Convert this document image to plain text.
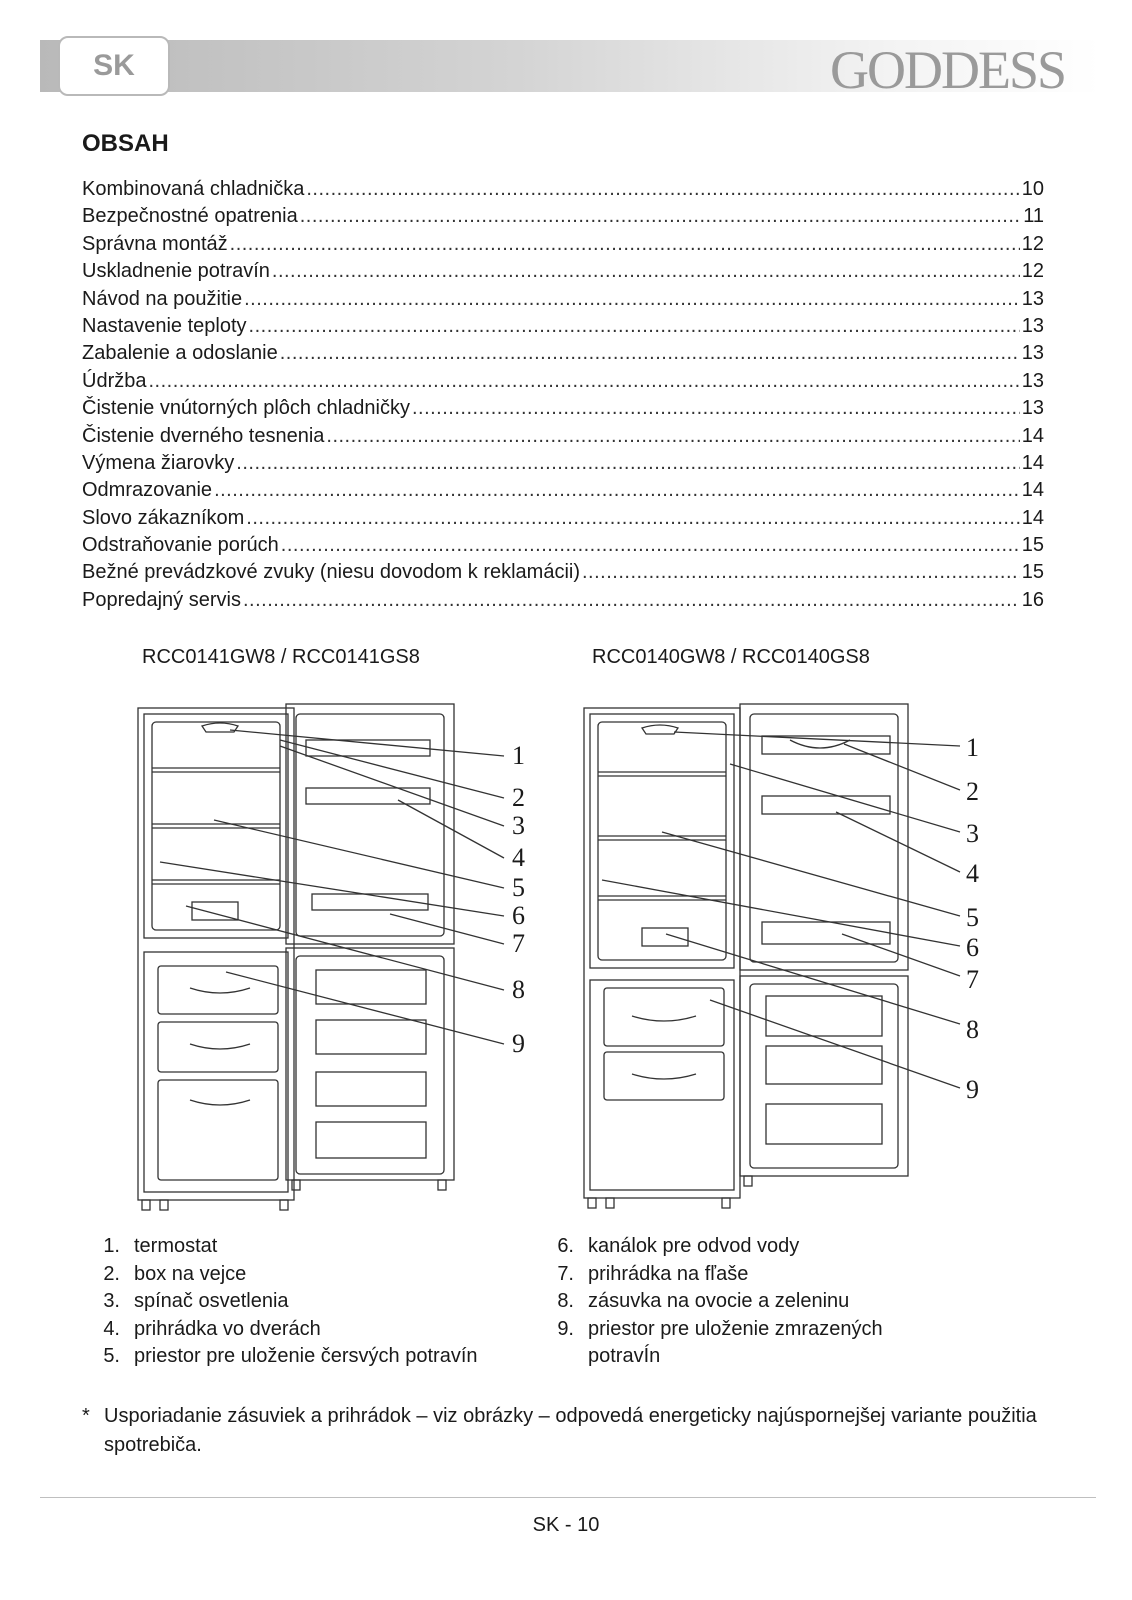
SK	GODDESS
OBSAH
Kombinovaná chladnička .....	10
Bezpečnostné opatrenia .....	11
Správna montáž .....	12
Uskladnenie potravín .....	12
Návod na použitie .....	13
Nastavenie teploty .....	13
Zabalenie a odoslanie .....	13
Údržba .....	13
Čistenie vnútorných plôch chladničky .....	13
Čistenie dverného tesnenia .....	14
Výmena žiarovky .....	14
Odmrazovanie .....	14
Slovo zákazníkom .....	14
Odstraňovanie porúch .....	15
Bežné prevádzkové zvuky (niesu dovodom k reklamácii) .....	15
Popredajný servis .....	16
RCC0141GW8 / RCC0141GS8	RCC0140GW8 / RCC0140GS8
1
2
3
4
5
6
7
8
9
1
2
3
4
5
6
7
8
9
1. termostat
2. box na vejce
3. spínač osvetlenia
4. prihrádka vo dverách
5. priestor pre uloženie čersvých potravín
6. kanálok pre odvod vody
7. prihrádka na fľaše
8. zásuvka na ovocie a zeleninu
9. priestor pre uloženie zmrazených
potravÍn
* Usporiadanie zásuviek a prihrádok – viz obrázky – odpovedá energeticky najúspornejšej variante použitia spotrebiča.
SK - 10
